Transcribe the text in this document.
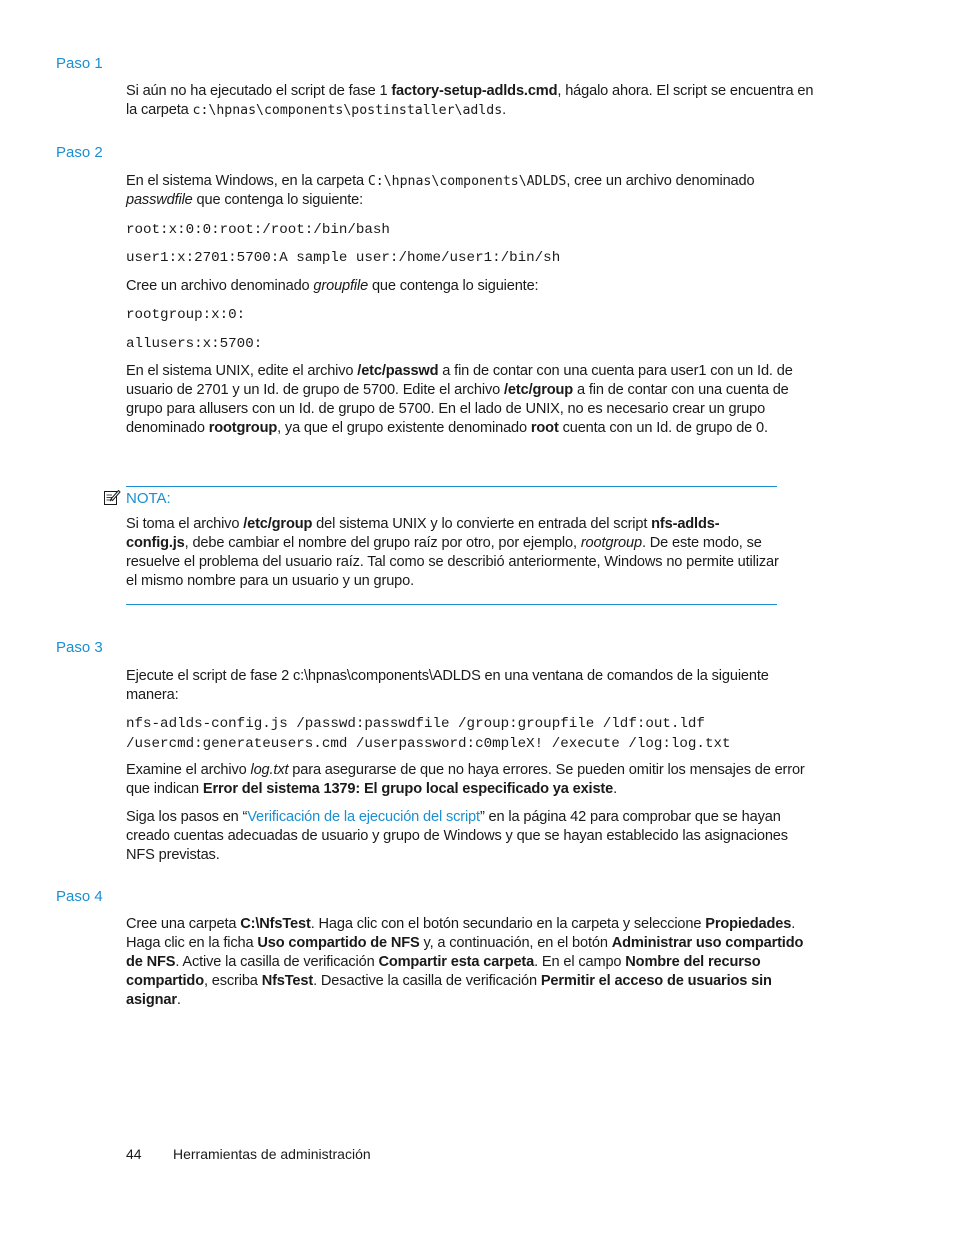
Paso 1
Si aún no ha ejecutado el script de fase 1 factory-setup-adlds.cmd, hágalo ahora. El script se encuentra en la carpeta c:\hpnas\components\postinstaller\adlds.
Paso 2
En el sistema Windows, en la carpeta C:\hpnas\components\ADLDS, cree un archivo denominado passwdfile que contenga lo siguiente:
root:x:0:0:root:/root:/bin/bash
user1:x:2701:5700:A sample user:/home/user1:/bin/sh
Cree un archivo denominado groupfile que contenga lo siguiente:
rootgroup:x:0:
allusers:x:5700:
En el sistema UNIX, edite el archivo /etc/passwd a fin de contar con una cuenta para user1 con un Id. de usuario de 2701 y un Id. de grupo de 5700. Edite el archivo /etc/group a fin de contar con una cuenta de grupo para allusers con un Id. de grupo de 5700. En el lado de UNIX, no es necesario crear un grupo denominado rootgroup, ya que el grupo existente denominado root cuenta con un Id. de grupo de 0.
NOTA:
Si toma el archivo /etc/group del sistema UNIX y lo convierte en entrada del script nfs-adlds-config.js, debe cambiar el nombre del grupo raíz por otro, por ejemplo, rootgroup. De este modo, se resuelve el problema del usuario raíz. Tal como se describió anteriormente, Windows no permite utilizar el mismo nombre para un usuario y un grupo.
Paso 3
Ejecute el script de fase 2 c:\hpnas\components\ADLDS en una ventana de comandos de la siguiente manera:
nfs-adlds-config.js /passwd:passwdfile /group:groupfile /ldf:out.ldf
/usercmd:generateusers.cmd /userpassword:c0mpleX! /execute /log:log.txt
Examine el archivo log.txt para asegurarse de que no haya errores. Se pueden omitir los mensajes de error que indican Error del sistema 1379: El grupo local especificado ya existe.
Siga los pasos en “Verificación de la ejecución del script” en la página 42 para comprobar que se hayan creado cuentas adecuadas de usuario y grupo de Windows y que se hayan establecido las asignaciones NFS previstas.
Paso 4
Cree una carpeta C:\NfsTest. Haga clic con el botón secundario en la carpeta y seleccione Propiedades. Haga clic en la ficha Uso compartido de NFS y, a continuación, en el botón Administrar uso compartido de NFS. Active la casilla de verificación Compartir esta carpeta. En el campo Nombre del recurso compartido, escriba NfsTest. Desactive la casilla de verificación Permitir el acceso de usuarios sin asignar.
44 Herramientas de administración
